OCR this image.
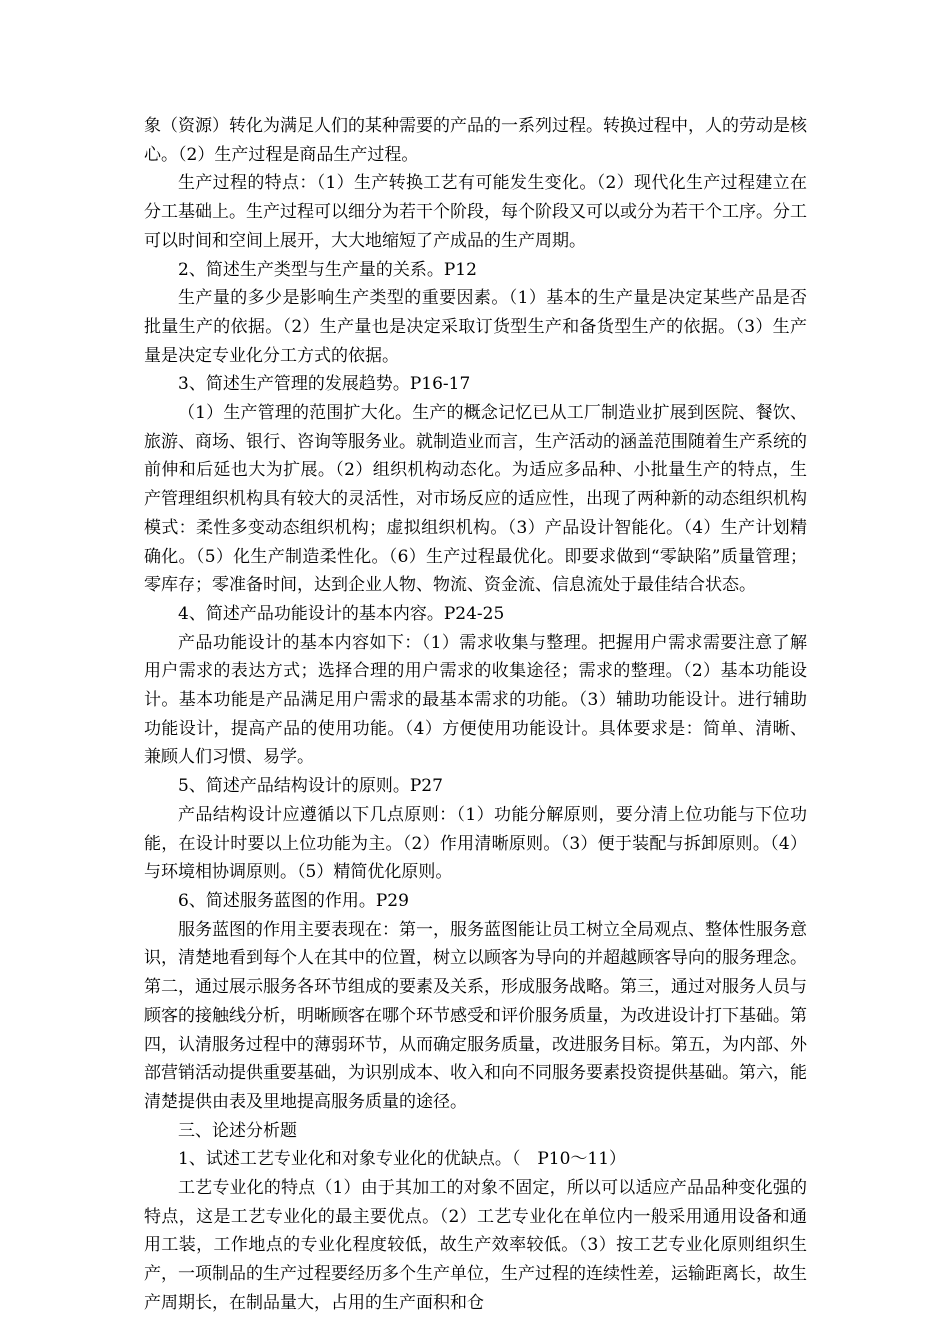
象（资源）转化为满足人们的某种需要的产品的一系列过程。转换过程中，人的劳动是核心。（2）生产过程是商品生产过程。

生产过程的特点：（1）生产转换工艺有可能发生变化。（2）现代化生产过程建立在分工基础上。生产过程可以细分为若干个阶段，每个阶段又可以或分为若干个工序。分工可以时间和空间上展开，大大地缩短了产成品的生产周期。

2、简述生产类型与生产量的关系。P12

生产量的多少是影响生产类型的重要因素。（1）基本的生产量是决定某些产品是否批量生产的依据。（2）生产量也是决定采取订货型生产和备货型生产的依据。（3）生产量是决定专业化分工方式的依据。

3、简述生产管理的发展趋势。P16-17

（1）生产管理的范围扩大化。生产的概念记忆已从工厂制造业扩展到医院、餐饮、旅游、商场、银行、咨询等服务业。就制造业而言，生产活动的涵盖范围随着生产系统的前伸和后延也大为扩展。（2）组织机构动态化。为适应多品种、小批量生产的特点，生产管理组织机构具有较大的灵活性，对市场反应的适应性，出现了两种新的动态组织机构模式：柔性多变动态组织机构；虚拟组织机构。（3）产品设计智能化。（4）生产计划精确化。（5）化生产制造柔性化。（6）生产过程最优化。即要求做到“零缺陷”质量管理；零库存；零准备时间，达到企业人物、物流、资金流、信息流处于最佳结合状态。

4、简述产品功能设计的基本内容。P24-25

产品功能设计的基本内容如下：（1）需求收集与整理。把握用户需求需要注意了解用户需求的表达方式；选择合理的用户需求的收集途径；需求的整理。（2）基本功能设计。基本功能是产品满足用户需求的最基本需求的功能。（3）辅助功能设计。进行辅助功能设计，提高产品的使用功能。（4）方便使用功能设计。具体要求是：简单、清晰、兼顾人们习惯、易学。

5、简述产品结构设计的原则。P27

产品结构设计应遵循以下几点原则：（1）功能分解原则，要分清上位功能与下位功能，在设计时要以上位功能为主。（2）作用清晰原则。（3）便于装配与拆卸原则。（4）与环境相协调原则。（5）精简优化原则。

6、简述服务蓝图的作用。P29

服务蓝图的作用主要表现在：第一，服务蓝图能让员工树立全局观点、整体性服务意识，清楚地看到每个人在其中的位置，树立以顾客为导向的并超越顾客导向的服务理念。第二，通过展示服务各环节组成的要素及关系，形成服务战略。第三，通过对服务人员与顾客的接触线分析，明晰顾客在哪个环节感受和评价服务质量，为改进设计打下基础。第四，认清服务过程中的薄弱环节，从而确定服务质量，改进服务目标。第五，为内部、外部营销活动提供重要基础，为识别成本、收入和向不同服务要素投资提供基础。第六，能清楚提供由表及里地提高服务质量的途径。

三、论述分析题

1、试述工艺专业化和对象专业化的优缺点。（　P10～11）

工艺专业化的特点（1）由于其加工的对象不固定，所以可以适应产品品种变化强的特点，这是工艺专业化的最主要优点。（2）工艺专业化在单位内一般采用通用设备和通用工装，工作地点的专业化程度较低，故生产效率较低。（3）按工艺专业化原则组织生产，一项制品的生产过程要经历多个生产单位，生产过程的连续性差，运输距离长，故生产周期长，在制品量大，占用的生产面积和仓
